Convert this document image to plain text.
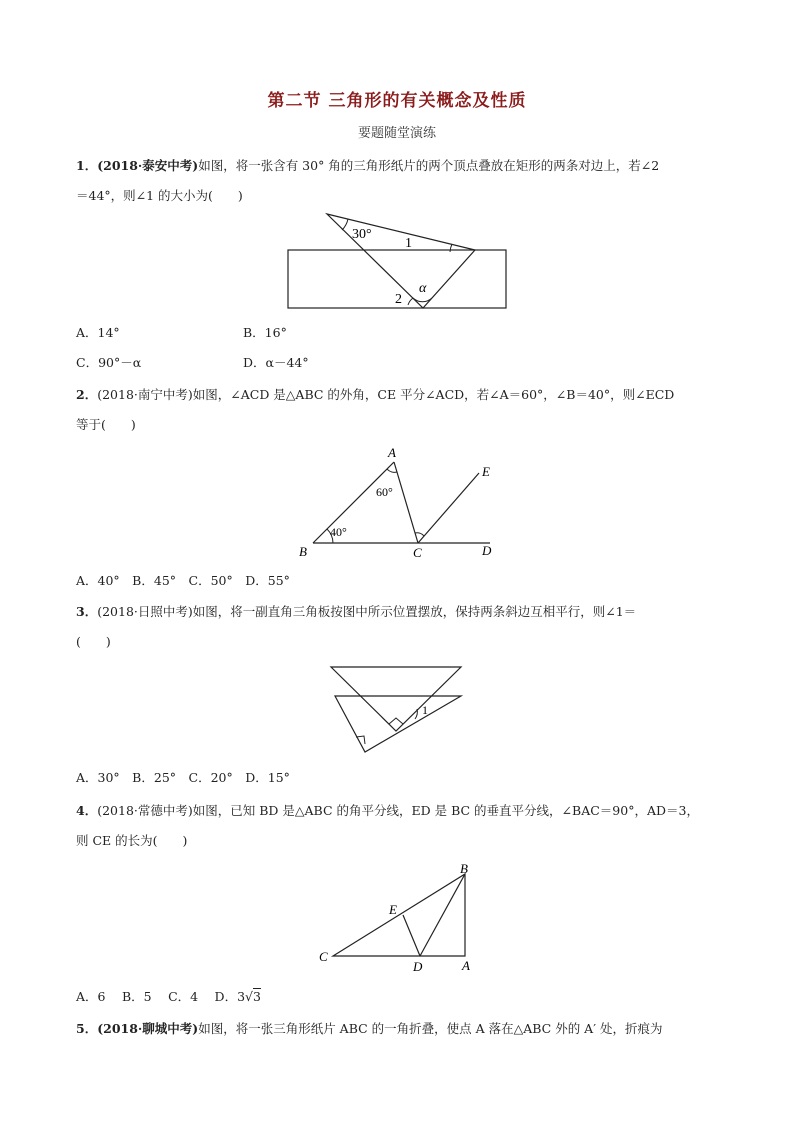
第二节 三角形的有关概念及性质
要题随堂演练
1．(2018·泰安中考)如图，将一张含有 30° 角的三角形纸片的两个顶点叠放在矩形的两条对边上，若∠2
＝44°，则∠1 的大小为(　　)
30°
1
2
α
A．14°	B．16°
C．90°－α	D．α－44°
2．(2018·南宁中考)如图，∠ACD 是△ABC 的外角，CE 平分∠ACD，若∠A＝60°，∠B＝40°，则∠ECD
等于(　　)
A
B	C	D
E
60°
40°
A．40°　B．45°　C．50°　D．55°
3．(2018·日照中考)如图，将一副直角三角板按图中所示位置摆放，保持两条斜边互相平行，则∠1＝
(　　)
1
A．30°　B．25°　C．20°　D．15°
4．(2018·常德中考)如图，已知 BD 是△ABC 的角平分线，ED 是 BC 的垂直平分线，∠BAC＝90°，AD＝3，
则 CE 的长为(　　)
A
B
C
D
E
A．6　 B．5　 C．4　 D．3√3
5．(2018·聊城中考)如图，将一张三角形纸片 ABC 的一角折叠，使点 A 落在△ABC 外的 A′ 处，折痕为
